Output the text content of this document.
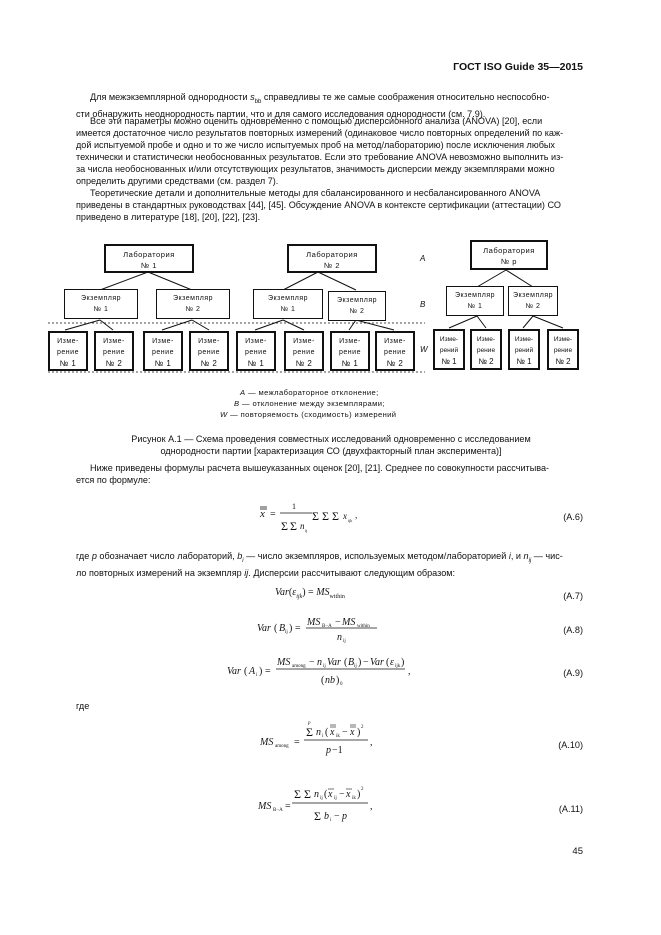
ГОСТ ISO Guide 35—2015
Для межэкземплярной однородности $s_{bb}$ справедливы те же самые соображения относительно неспособно-
сти обнаружить неоднородность партии, что и для самого исследования однородности (см. 7.9).
Все эти параметры можно оценить одновременно с помощью дисперсионного анализа (ANOVA) [20], если
имеется достаточное число результатов повторных измерений (одинаковое число повторных определений по каж-
дой испытуемой пробе и одно и то же число испытуемых проб на метод/лабораторию) после исключения любых
технически и статистически необоснованных результатов. Если это требование ANOVA невозможно выполнить из-
за числа необоснованных и/или отсутствующих результатов, значимость дисперсии между экземплярами можно
определить другими средствами (см. раздел 7).
Теоретические детали и дополнительные методы для сбалансированного и несбалансированного ANOVA
приведены в стандартных руководствах [44], [45]. Обсуждение ANOVA в контексте сертификации (аттестации) СО
приведено в литературе [18], [20], [22], [23].
Лаборатория
№ 1
Экземпляр
№ 1
Экземпляр
№ 2
Изме-
рение
№ 1
Изме-
рение
№ 2
Изме-
рение
№ 1
Изме-
рение
№ 2
Лаборатория
№ 2
Экземпляр
№ 1
Экземпляр
№ 2
Изме-
рение
№ 1
Изме-
рение
№ 2
Изме-
рение
№ 1
Изме-
рение
№ 2
Лаборатория
№ p
Экземпляр
№ 1
Экземпляр
№ 2
Изме-
рений
№ 1
Изме-
рение
№ 2
Изме-
рений
№ 1
Изме-
рение
№ 2
A
B
W
A — межлабораторное отклонение;
B — отклонение между экземплярами;
W — повторяемость (сходимость) измерений
Рисунок А.1 — Схема проведения совместных исследований одновременно с исследованием
однородности партии [характеризация СО (двухфакторный план эксперимента)]
Ниже приведены формулы расчета вышеуказанных оценок [20], [21]. Среднее по совокупности рассчитыва-
ется по формуле:
x =
1
Σ Σ n ij
Σ Σ Σ x ijk
,	(A.6)
где p обозначает число лабораторий, $b_i$ — число экземпляров, используемых методом/лабораторией i, и $n_{ij}$ — чис-
ло повторных измерений на экземпляр ij. Дисперсии рассчитывают следующим образом:
$Var(\varepsilon_{ijk}) = MS_{within}$	(A.7)
Var ( B ij ) =
MS B−A − MS within
n ij
(A.8)
Var ( A i ) =
MS among − n ij Var ( B ij ) − Var ( ε ijk )
( nb ) 0
,	(A.9)
где
MS among =
Σ
p
n i ( x ik − x ) 2
p −1
,	(A.10)
MS B−A =
Σ Σ n ij ( x ij − x ik ) 2
Σ b i − p
,	(A.11)
45
